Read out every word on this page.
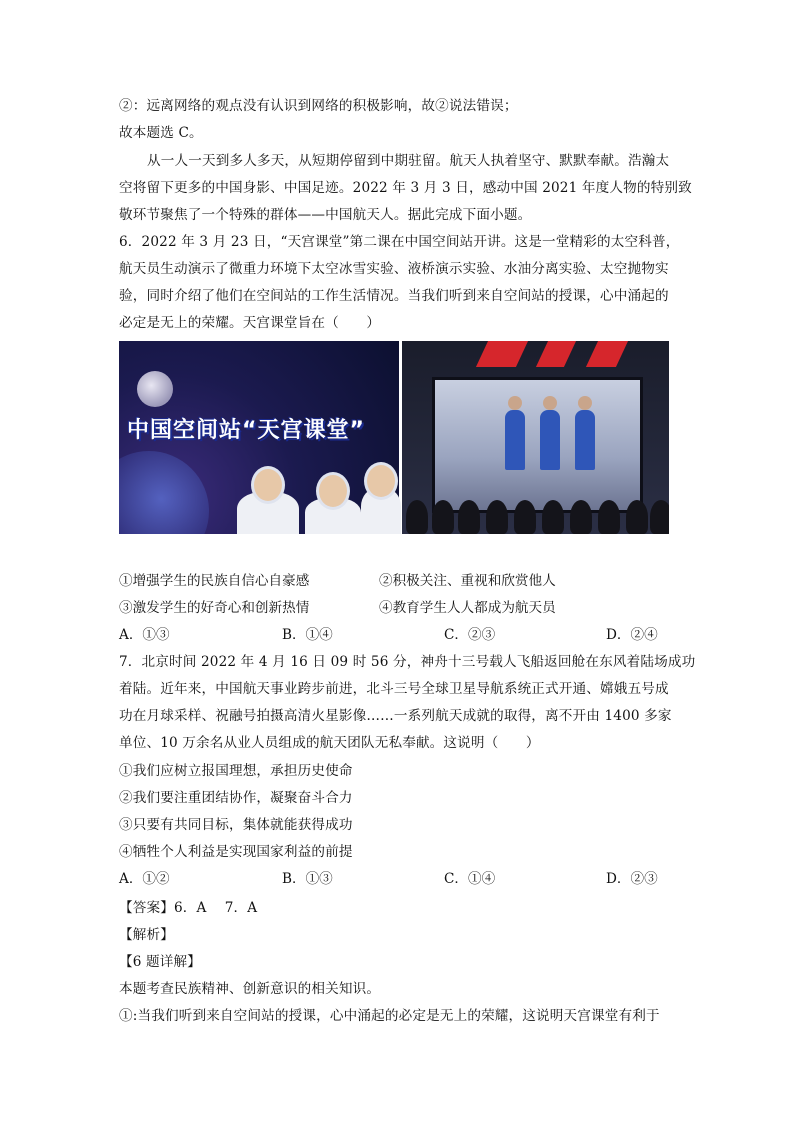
②：远离网络的观点没有认识到网络的积极影响，故②说法错误；
故本题选 C。
从一人一天到多人多天，从短期停留到中期驻留。航天人执着坚守、默默奉献。浩瀚太
空将留下更多的中国身影、中国足迹。2022 年 3 月 3 日，感动中国 2021 年度人物的特别致
敬环节聚焦了一个特殊的群体——中国航天人。据此完成下面小题。
6．2022 年 3 月 23 日，“天宫课堂”第二课在中国空间站开讲。这是一堂精彩的太空科普，
航天员生动演示了微重力环境下太空冰雪实验、液桥演示实验、水油分离实验、太空抛物实
验，同时介绍了他们在空间站的工作生活情况。当我们听到来自空间站的授课，心中涌起的
必定是无上的荣耀。天宫课堂旨在（　　）
中国空间站“天宫课堂”
①增强学生的民族自信心自豪感	②积极关注、重视和欣赏他人
③激发学生的好奇心和创新热情	④教育学生人人都成为航天员
A．①③	B．①④	C．②③	D．②④
7．北京时间 2022 年 4 月 16 日 09 时 56 分，神舟十三号载人飞船返回舱在东风着陆场成功
着陆。近年来，中国航天事业跨步前进，北斗三号全球卫星导航系统正式开通、嫦娥五号成
功在月球采样、祝融号拍摄高清火星影像……一系列航天成就的取得，离不开由 1400 多家
单位、10 万余名从业人员组成的航天团队无私奉献。这说明（　　）
①我们应树立报国理想，承担历史使命
②我们要注重团结协作，凝聚奋斗合力
③只要有共同目标，集体就能获得成功
④牺牲个人利益是实现国家利益的前提
A．①②	B．①③	C．①④	D．②③
【答案】6．A　 7．A
【解析】
【6 题详解】
本题考查民族精神、创新意识的相关知识。
①:当我们听到来自空间站的授课，心中涌起的必定是无上的荣耀，这说明天宫课堂有利于
